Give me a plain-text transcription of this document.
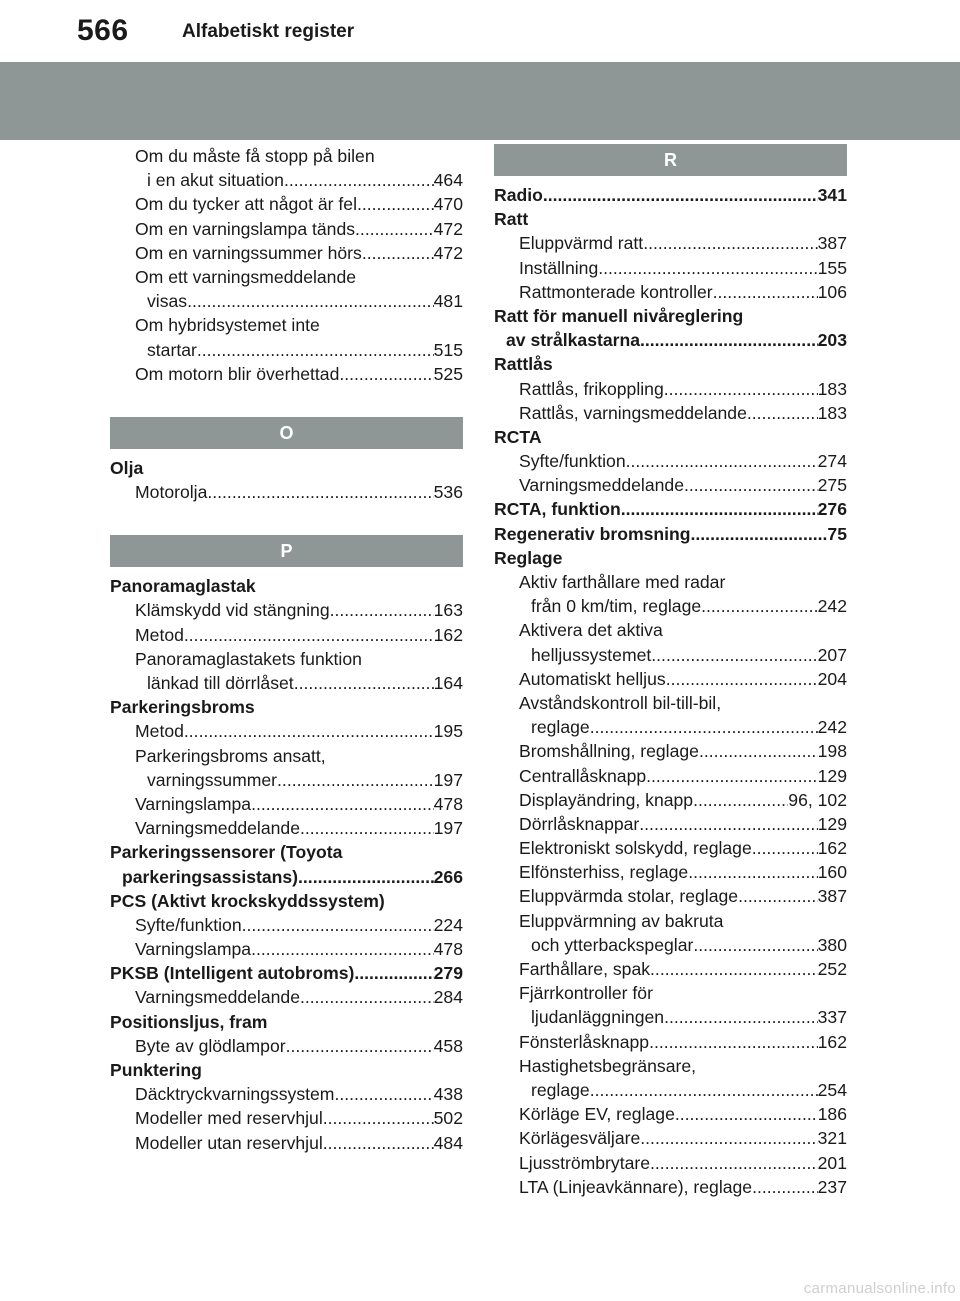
566	Alfabetiskt register
Om du måste få stopp på bilen
i en akut situation .....	464
Om du tycker att något är fel .....	470
Om en varningslampa tänds .....	472
Om en varningssummer hörs .....	472
Om ett varningsmeddelande
visas .....	481
Om hybridsystemet inte
startar .....	515
Om motorn blir överhettad .....	525
O
Olja
Motorolja .....	536
P
Panoramaglastak
Klämskydd vid stängning .....	163
Metod .....	162
Panoramaglastakets funktion
länkad till dörrlåset .....	164
Parkeringsbroms
Metod .....	195
Parkeringsbroms ansatt,
varningssummer .....	197
Varningslampa .....	478
Varningsmeddelande .....	197
Parkeringssensorer (Toyota
parkeringsassistans) .....	266
PCS (Aktivt krockskyddssystem)
Syfte/funktion .....	224
Varningslampa .....	478
PKSB (Intelligent autobroms) .....	279
Varningsmeddelande .....	284
Positionsljus, fram
Byte av glödlampor .....	458
Punktering
Däcktryckvarningssystem .....	438
Modeller med reservhjul .....	502
Modeller utan reservhjul .....	484
R
Radio .....	341
Ratt
Eluppvärmd ratt .....	387
Inställning .....	155
Rattmonterade kontroller .....	106
Ratt för manuell nivåreglering
av strålkastarna .....	203
Rattlås
Rattlås, frikoppling .....	183
Rattlås, varningsmeddelande .....	183
RCTA
Syfte/funktion .....	274
Varningsmeddelande .....	275
RCTA, funktion .....	276
Regenerativ bromsning .....	75
Reglage
Aktiv farthållare med radar
från 0 km/tim, reglage .....	242
Aktivera det aktiva
helljussystemet .....	207
Automatiskt helljus .....	204
Avståndskontroll bil-till-bil,
reglage .....	242
Bromshållning, reglage .....	198
Centrallåsknapp .....	129
Displayändring, knapp .....	96, 102
Dörrlåsknappar .....	129
Elektroniskt solskydd, reglage .....	162
Elfönsterhiss, reglage .....	160
Eluppvärmda stolar, reglage .....	387
Eluppvärmning av bakruta
och ytterbackspeglar .....	380
Farthållare, spak .....	252
Fjärrkontroller för
ljudanläggningen .....	337
Fönsterlåsknapp .....	162
Hastighetsbegränsare,
reglage .....	254
Körläge EV, reglage .....	186
Körlägesväljare .....	321
Ljusströmbrytare .....	201
LTA (Linjeavkännare), reglage .....	237
carmanualsonline.info
